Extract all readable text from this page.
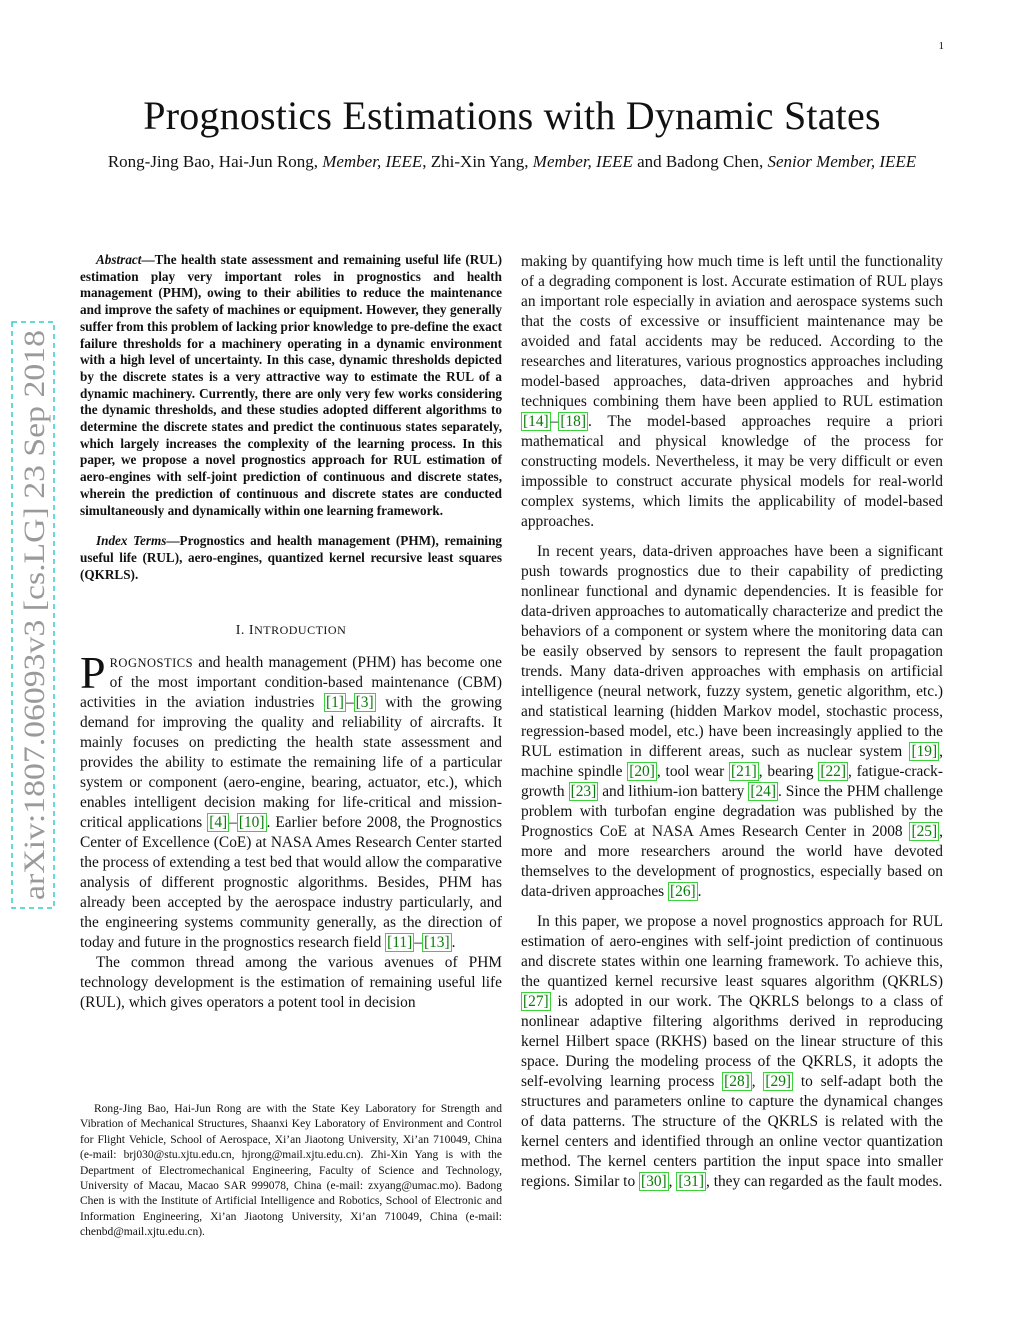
1
arXiv:1807.06093v3 [cs.LG] 23 Sep 2018
Prognostics Estimations with Dynamic States
Rong-Jing Bao, Hai-Jun Rong, Member, IEEE, Zhi-Xin Yang, Member, IEEE and Badong Chen, Senior Member, IEEE

Abstract—The health state assessment and remaining useful life (RUL) estimation play very important roles in prognostics and health management (PHM), owing to their abilities to reduce the maintenance and improve the safety of machines or equipment. However, they generally suffer from this problem of lacking prior knowledge to pre-define the exact failure thresholds for a machinery operating in a dynamic environment with a high level of uncertainty. In this case, dynamic thresholds depicted by the discrete states is a very attractive way to estimate the RUL of a dynamic machinery. Currently, there are only very few works considering the dynamic thresholds, and these studies adopted different algorithms to determine the discrete states and predict the continuous states separately, which largely increases the complexity of the learning process. In this paper, we propose a novel prognostics approach for RUL estimation of aero-engines with self-joint prediction of continuous and discrete states, wherein the prediction of continuous and discrete states are conducted simultaneously and dynamically within one learning framework.

Index Terms—Prognostics and health management (PHM), remaining useful life (RUL), aero-engines, quantized kernel recursive least squares (QKRLS).

I. INTRODUCTION

PROGNOSTICS and health management (PHM) has become one of the most important condition-based maintenance (CBM) activities in the aviation industries [1] – [3] with the growing demand for improving the quality and reliability of aircrafts. It mainly focuses on predicting the health state assessment and provides the ability to estimate the remaining life of a particular system or component (aero-engine, bearing, actuator, etc.), which enables intelligent decision making for life-critical and mission-critical applications [4] – [10] . Earlier before 2008, the Prognostics Center of Excellence (CoE) at NASA Ames Research Center started the process of extending a test bed that would allow the comparative analysis of different prognostic algorithms. Besides, PHM has already been accepted by the aerospace industry particularly, and the engineering systems community generally, as the direction of today and future in the prognostics research field [11] – [13] .

The common thread among the various avenues of PHM technology development is the estimation of remaining useful life (RUL), which gives operators a potent tool in decision

Rong-Jing Bao, Hai-Jun Rong are with the State Key Laboratory for Strength and Vibration of Mechanical Structures, Shaanxi Key Laboratory of Environment and Control for Flight Vehicle, School of Aerospace, Xi’an Jiaotong University, Xi’an 710049, China (e-mail: brj030@stu.xjtu.edu.cn, hjrong@mail.xjtu.edu.cn). Zhi-Xin Yang is with the Department of Electromechanical Engineering, Faculty of Science and Technology, University of Macau, Macao SAR 999078, China (e-mail: zxyang@umac.mo). Badong Chen is with the Institute of Artificial Intelligence and Robotics, School of Electronic and Information Engineering, Xi’an Jiaotong University, Xi’an 710049, China (e-mail: chenbd@mail.xjtu.edu.cn).

making by quantifying how much time is left until the functionality of a degrading component is lost. Accurate estimation of RUL plays an important role especially in aviation and aerospace systems such that the costs of excessive or insufficient maintenance may be avoided and fatal accidents may be reduced. According to the researches and literatures, various prognostics approaches including model-based approaches, data-driven approaches and hybrid techniques combining them have been applied to RUL estimation [14] – [18] . The model-based approaches require a priori mathematical and physical knowledge of the process for constructing models. Nevertheless, it may be very difficult or even impossible to construct accurate physical models for real-world complex systems, which limits the applicability of model-based approaches.

In recent years, data-driven approaches have been a significant push towards prognostics due to their capability of predicting nonlinear functional and dynamic dependencies. It is feasible for data-driven approaches to automatically characterize and predict the behaviors of a component or system where the monitoring data can be easily observed by sensors to represent the fault propagation trends. Many data-driven approaches with emphasis on artificial intelligence (neural network, fuzzy system, genetic algorithm, etc.) and statistical learning (hidden Markov model, stochastic process, regression-based model, etc.) have been increasingly applied to the RUL estimation in different areas, such as nuclear system [19] , machine spindle [20] , tool wear [21] , bearing [22] , fatigue-crack-growth [23] and lithium-ion battery [24] . Since the PHM challenge problem with turbofan engine degradation was published by the Prognostics CoE at NASA Ames Research Center in 2008 [25] , more and more researchers around the world have devoted themselves to the development of prognostics, especially based on data-driven approaches [26] .

In this paper, we propose a novel prognostics approach for RUL estimation of aero-engines with self-joint prediction of continuous and discrete states within one learning framework. To achieve this, the quantized kernel recursive least squares algorithm (QKRLS) [27] is adopted in our work. The QKRLS belongs to a class of nonlinear adaptive filtering algorithms derived in reproducing kernel Hilbert space (RKHS) based on the linear structure of this space. During the modeling process of the QKRLS, it adopts the self-evolving learning process [28] , [29] to self-adapt both the structures and parameters online to capture the dynamical changes of data patterns. The structure of the QKRLS is related with the kernel centers and identified through an online vector quantization method. The kernel centers partition the input space into smaller regions. Similar to [30] , [31] , they can regarded as the fault modes.
